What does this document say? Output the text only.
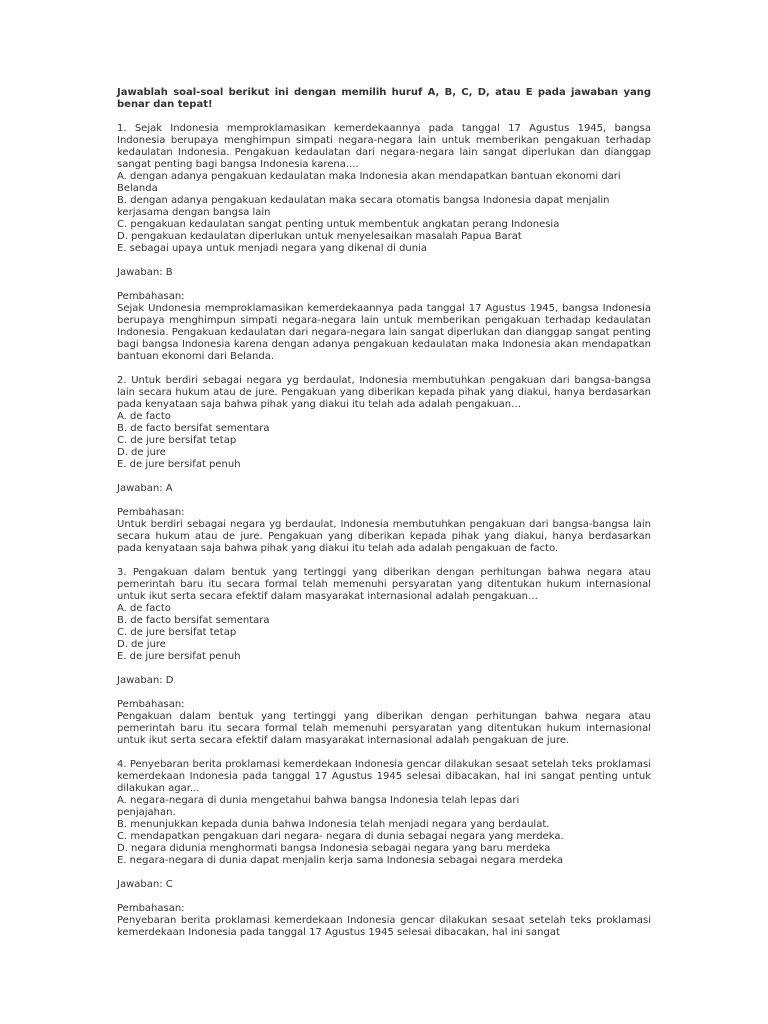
Jawablah soal-soal berikut ini dengan memilih huruf A, B, C, D, atau E pada jawaban yang benar dan tepat!

1. Sejak Indonesia memproklamasikan kemerdekaannya pada tanggal 17 Agustus 1945, bangsa Indonesia berupaya menghimpun simpati negara-negara lain untuk memberikan pengakuan terhadap kedaulatan Indonesia. Pengakuan kedaulatan dari negara-negara lain sangat diperlukan dan dianggap sangat penting bagi bangsa Indonesia karena....

A. dengan adanya pengakuan kedaulatan maka Indonesia akan mendapatkan bantuan ekonomi dari Belanda

B. dengan adanya pengakuan kedaulatan maka secara otomatis bangsa Indonesia dapat menjalin kerjasama dengan bangsa lain

C. pengakuan kedaulatan sangat penting untuk membentuk angkatan perang Indonesia

D. pengakuan kedaulatan diperlukan untuk menyelesaikan masalah Papua Barat

E. sebagai upaya untuk menjadi negara yang dikenal di dunia

Jawaban: B

Pembahasan:

Sejak Undonesia memproklamasikan kemerdekaannya pada tanggal 17 Agustus 1945, bangsa Indonesia berupaya menghimpun simpati negara-negara lain untuk memberikan pengakuan terhadap kedaulatan Indonesia. Pengakuan kedaulatan dari negara-negara lain sangat diperlukan dan dianggap sangat penting bagi bangsa Indonesia karena dengan adanya pengakuan kedaulatan maka Indonesia akan mendapatkan bantuan ekonomi dari Belanda.

2. Untuk berdiri sebagai negara yg berdaulat, Indonesia membutuhkan pengakuan dari bangsa-bangsa lain secara hukum atau de jure. Pengakuan yang diberikan kepada pihak yang diakui, hanya berdasarkan pada kenyataan saja bahwa pihak yang diakui itu telah ada adalah pengakuan…

A. de facto

B. de facto bersifat sementara

C. de jure bersifat tetap

D. de jure

E. de jure bersifat penuh

Jawaban: A

Pembahasan:

Untuk berdiri sebagai negara yg berdaulat, Indonesia membutuhkan pengakuan dari bangsa-bangsa lain secara hukum atau de jure. Pengakuan yang diberikan kepada pihak yang diakui, hanya berdasarkan pada kenyataan saja bahwa pihak yang diakui itu telah ada adalah pengakuan de facto.

3. Pengakuan dalam bentuk yang tertinggi yang diberikan dengan perhitungan bahwa negara atau pemerintah baru itu secara formal telah memenuhi persyaratan yang ditentukan hukum internasional untuk ikut serta secara efektif dalam masyarakat internasional adalah pengakuan…

A. de facto

B. de facto bersifat sementara

C. de jure bersifat tetap

D. de jure

E. de jure bersifat penuh

Jawaban: D

Pembahasan:

Pengakuan dalam bentuk yang tertinggi yang diberikan dengan perhitungan bahwa negara atau pemerintah baru itu secara formal telah memenuhi persyaratan yang ditentukan hukum internasional untuk ikut serta secara efektif dalam masyarakat internasional adalah pengakuan de jure.

4. Penyebaran berita proklamasi kemerdekaan Indonesia gencar dilakukan sesaat setelah teks proklamasi kemerdekaan Indonesia pada tanggal 17 Agustus 1945 selesai dibacakan, hal ini sangat penting untuk dilakukan agar...

A. negara-negara di dunia mengetahui bahwa bangsa Indonesia telah lepas dari

penjajahan.

B. menunjukkan kepada dunia bahwa Indonesia telah menjadi negara yang berdaulat.

C. mendapatkan pengakuan dari negara- negara di dunia sebagai negara yang merdeka.

D. negara didunia menghormati bangsa Indonesia sebagai negara yang baru merdeka

E. negara-negara di dunia dapat menjalin kerja sama Indonesia sebagai negara merdeka

Jawaban: C

Pembahasan:

Penyebaran berita proklamasi kemerdekaan Indonesia gencar dilakukan sesaat setelah teks proklamasi kemerdekaan Indonesia pada tanggal 17 Agustus 1945 selesai dibacakan, hal ini sangat
